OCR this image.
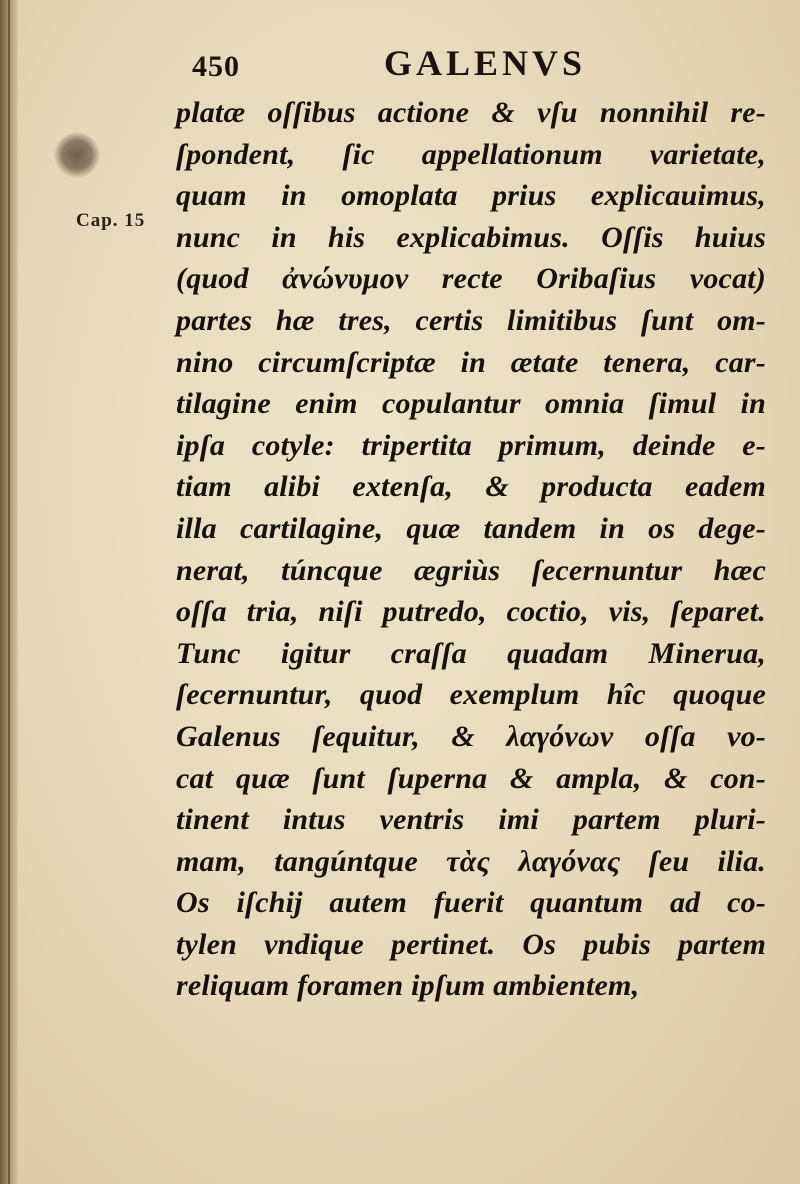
450	GALENVS
Cap. 15
platæ oſſibus actione & vſu nonnihil re-
ſpondent, ſic appellationum varietate,
quam in omoplata prius explicauimus,
nunc in his explicabimus. Oſſis huius
(quod ἀνώνυμον recte Oribaſius vocat)
partes hæ tres, certis limitibus ſunt om-
nino circumſcriptæ in ætate tenera, car-
tilagine enim copulantur omnia ſimul in
ipſa cotyle: tripertita primum, deinde e-
tiam alibi extenſa, & producta eadem
illa cartilagine, quæ tandem in os dege-
nerat, túncque ægriùs ſecernuntur hæc
oſſa tria, niſi putredo, coctio, vis, ſeparet.
Tunc igitur craſſa quadam Minerua,
ſecernuntur, quod exemplum hîc quoque
Galenus ſequitur, & λαγόνων oſſa vo-
cat quæ ſunt ſuperna & ampla, & con-
tinent intus ventris imi partem pluri-
mam, tangúntque τὰς λαγόνας ſeu ilia.
Os iſchij autem fuerit quantum ad co-
tylen vndique pertinet. Os pubis partem
reliquam foramen ipſum ambientem,
